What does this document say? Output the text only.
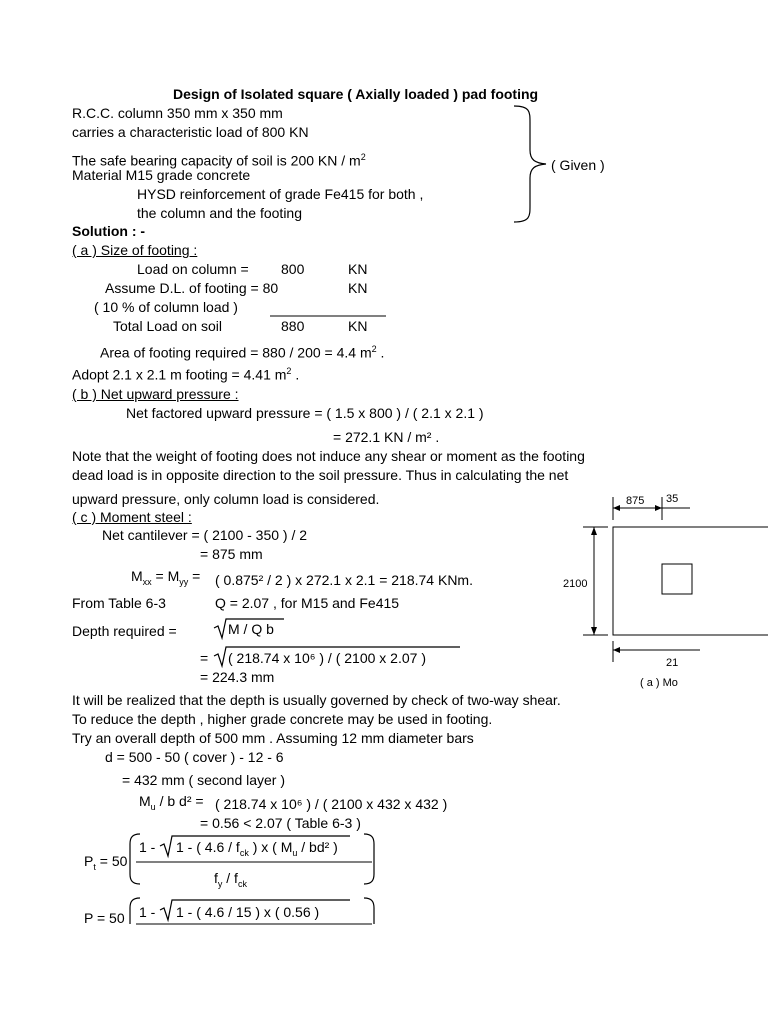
Design of Isolated square ( Axially loaded ) pad footing
R.C.C. column 350 mm x 350 mm
carries a characteristic load of 800 KN
The safe bearing capacity of soil is 200 KN / $m^2$
Material M15 grade concrete
HYSD reinforcement of grade Fe415 for both ,
the column and the footing
( Given )
Solution : -
( a ) Size of footing :
Load on column = 800	KN
Assume D.L. of footing = 80	KN
( 10 % of column load )
Total Load on soil	880	KN
Area of footing required = 880 / 200 = 4.4 $m^2$ .
Adopt 2.1 x 2.1 m footing = 4.41 $m^2$ .
( b ) Net upward pressure :
Net factored upward pressure = ( 1.5 x 800 ) / ( 2.1 x 2.1 )
= 272.1 KN / m² .
Note that the weight of footing does not induce any shear or moment as the footing
dead load is in opposite direction to the soil pressure. Thus in calculating the net
upward pressure, only column load is considered.
( c ) Moment steel :
Net cantilever = ( 2100 - 350 ) / 2
= 875 mm
$M_{xx} = M_{yy}$ = ( 0.875² / 2 ) x 272.1 x 2.1 = 218.74 KNm.
From Table 6-3	Q = 2.07 , for M15 and Fe415
Depth required =	M / Q b
= ( 218.74 x 10⁶ ) / ( 2100 x 2.07 )
= 224.3 mm
It will be realized that the depth is usually governed by check of two-way shear.
To reduce the depth , higher grade concrete may be used in footing.
Try an overall depth of 500 mm . Assuming 12 mm diameter bars
d = 500 - 50 ( cover ) - 12 - 6
= 432 mm ( second layer )
$M_u$ / b d² = ( 218.74 x 10⁶ ) / ( 2100 x 432 x 432 )
= 0.56 < 2.07 ( Table 6-3 )
$P_t = 50$
1 - 1 - ( $4.6 / f_{ck}$ ) x ( $M_u / bd^2$ )
$f_y / f_{ck}$
P = 50 1 - 1 - ( 4.6 / 15 ) x ( 0.56 )
875 35
2100
21
( a ) Mo
